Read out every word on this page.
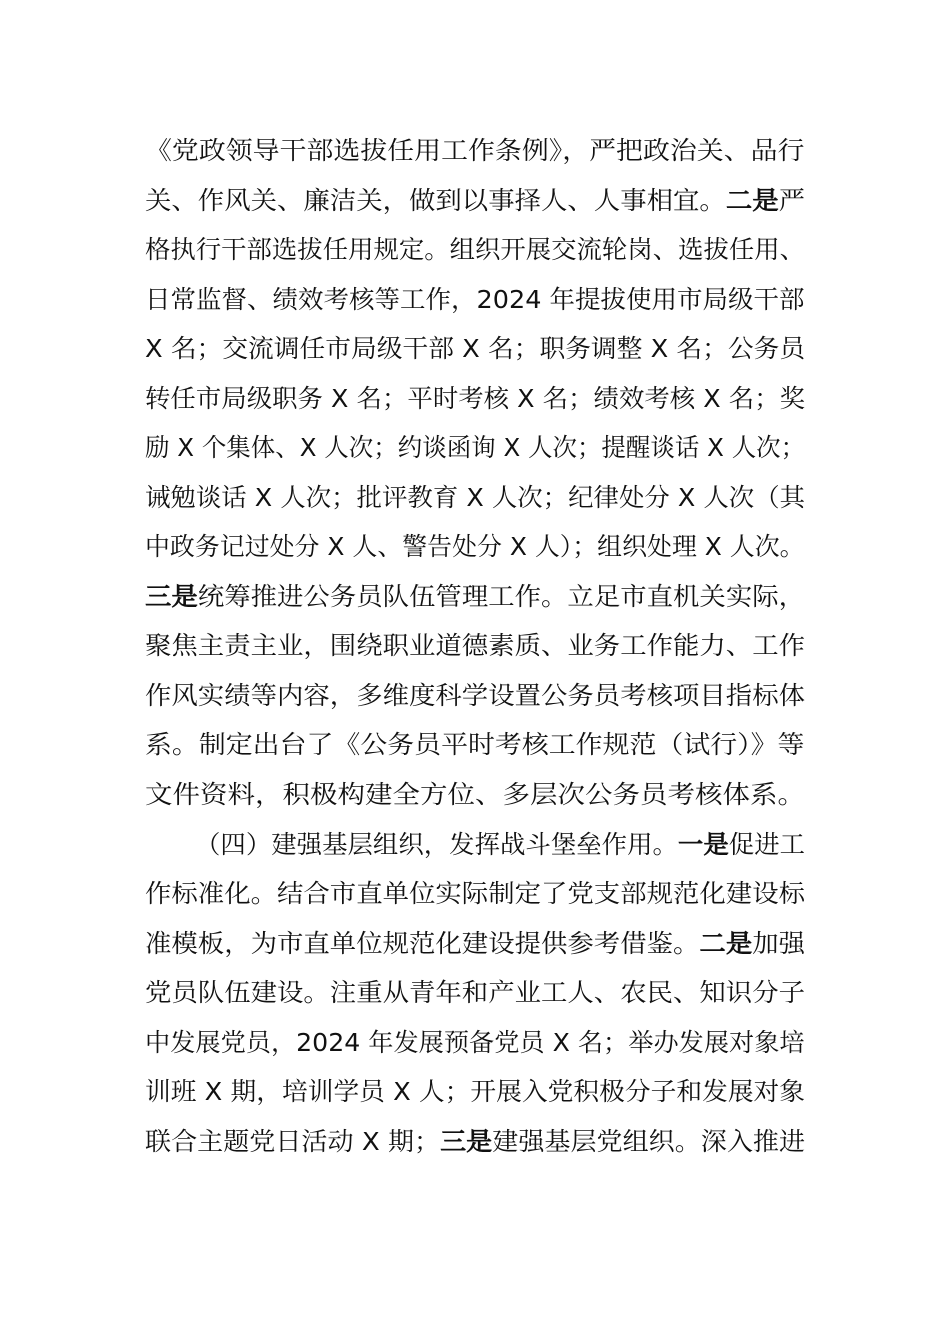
《党政领导干部选拔任用工作条例》，严把政治关、品行
关、作风关、廉洁关，做到以事择人、人事相宜。二是严
格执行干部选拔任用规定。组织开展交流轮岗、选拔任用、
日常监督、绩效考核等工作，2024 年提拔使用市局级干部
X 名；交流调任市局级干部 X 名；职务调整 X 名；公务员
转任市局级职务 X 名；平时考核 X 名；绩效考核 X 名；奖
励 X 个集体、X 人次；约谈函询 X 人次；提醒谈话 X 人次；
诫勉谈话 X 人次；批评教育 X 人次；纪律处分 X 人次（其
中政务记过处分 X 人、警告处分 X 人）；组织处理 X 人次。
三是统筹推进公务员队伍管理工作。立足市直机关实际，
聚焦主责主业，围绕职业道德素质、业务工作能力、工作
作风实绩等内容，多维度科学设置公务员考核项目指标体
系。制定出台了《公务员平时考核工作规范（试行）》等
文件资料，积极构建全方位、多层次公务员考核体系。
（四）建强基层组织，发挥战斗堡垒作用。一是促进工
作标准化。结合市直单位实际制定了党支部规范化建设标
准模板，为市直单位规范化建设提供参考借鉴。二是加强
党员队伍建设。注重从青年和产业工人、农民、知识分子
中发展党员，2024 年发展预备党员 X 名；举办发展对象培
训班 X 期，培训学员 X 人；开展入党积极分子和发展对象
联合主题党日活动 X 期；三是建强基层党组织。深入推进
